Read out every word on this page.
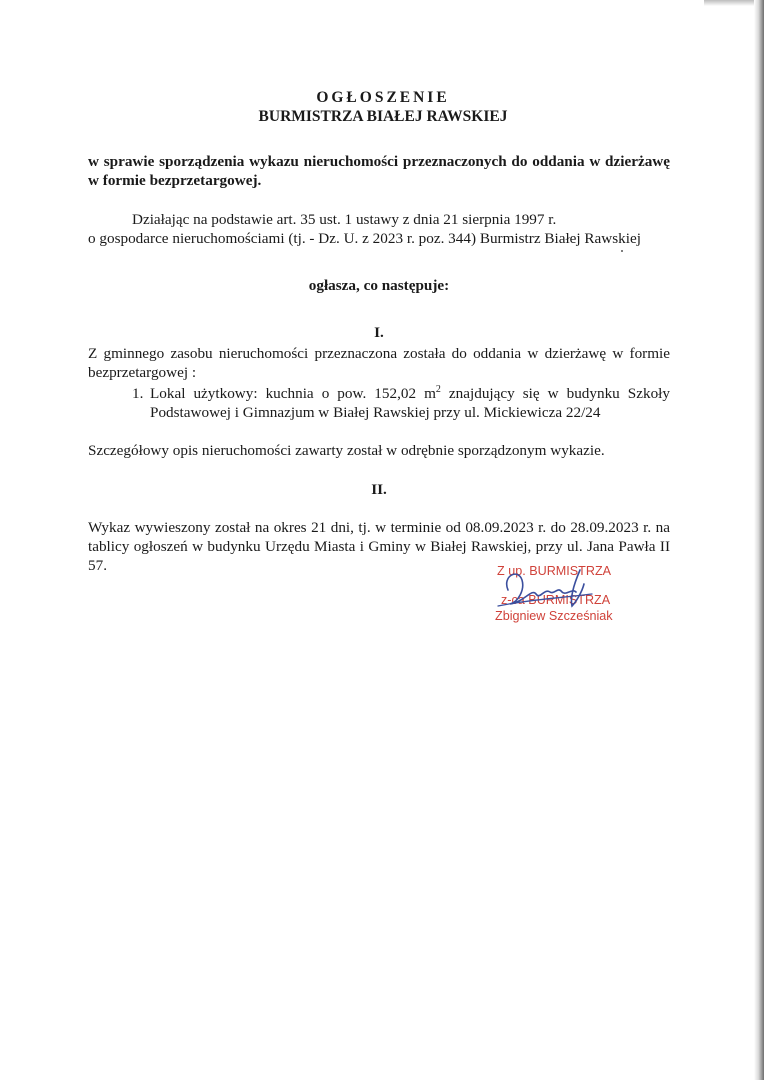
OGŁOSZENIE
BURMISTRZA BIAŁEJ RAWSKIEJ
w sprawie sporządzenia wykazu nieruchomości przeznaczonych do oddania w dzierżawę w formie bezprzetargowej.
Działając na podstawie art. 35 ust. 1 ustawy z dnia 21 sierpnia 1997 r.
o gospodarce nieruchomościami (tj. - Dz. U. z 2023 r. poz. 344) Burmistrz Białej Rawskiej
ogłasza, co następuje:
I.
Z gminnego zasobu nieruchomości przeznaczona została do oddania w dzierżawę w formie bezprzetargowej :
1. Lokal użytkowy: kuchnia o pow. 152,02 $m^2$ znajdujący się w budynku Szkoły Podstawowej i Gimnazjum w Białej Rawskiej przy ul. Mickiewicza 22/24
Szczegółowy opis nieruchomości zawarty został w odrębnie sporządzonym wykazie.
II.
Wykaz wywieszony został na okres 21 dni, tj. w terminie od 08.09.2023 r. do 28.09.2023 r. na tablicy ogłoszeń w budynku Urzędu Miasta i Gminy w Białej Rawskiej, przy ul. Jana Pawła II 57.	Z up. BURMISTRZA
z-ca BURMISTRZA
Zbigniew Szcześniak
